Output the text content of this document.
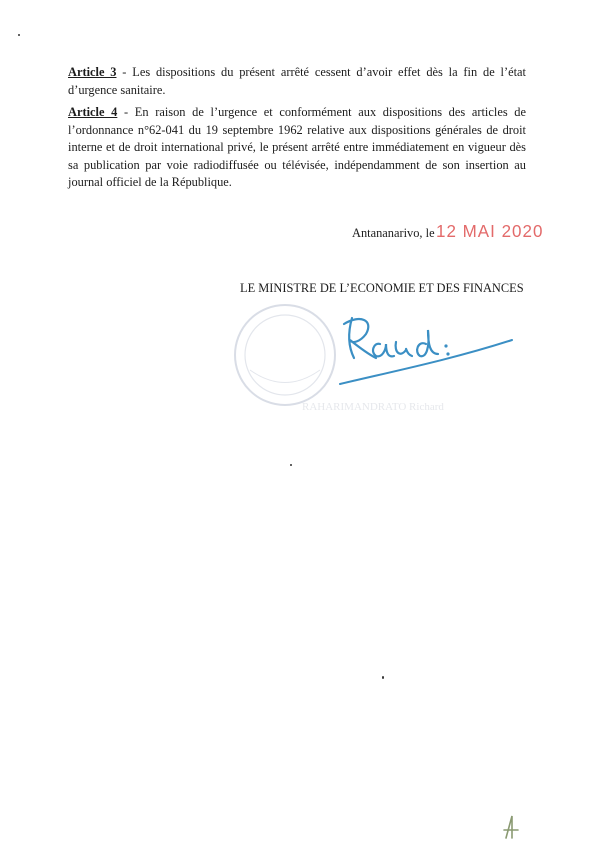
Article 3 - Les dispositions du présent arrêté cessent d’avoir effet dès la fin de l’état d’urgence sanitaire.

Article 4 - En raison de l’urgence et conformément aux dispositions des articles de l’ordonnance n°62-041 du 19 septembre 1962 relative aux dispositions générales de droit interne et de droit international privé, le présent arrêté entre immédiatement en vigueur dès sa publication par voie radiodiffusée ou télévisée, indépendamment de son insertion au journal officiel de la République.

Antananarivo, le 12 MAI 2020
LE MINISTRE DE L’ECONOMIE ET DES FINANCES
RAHARIMANDRATO Richard
